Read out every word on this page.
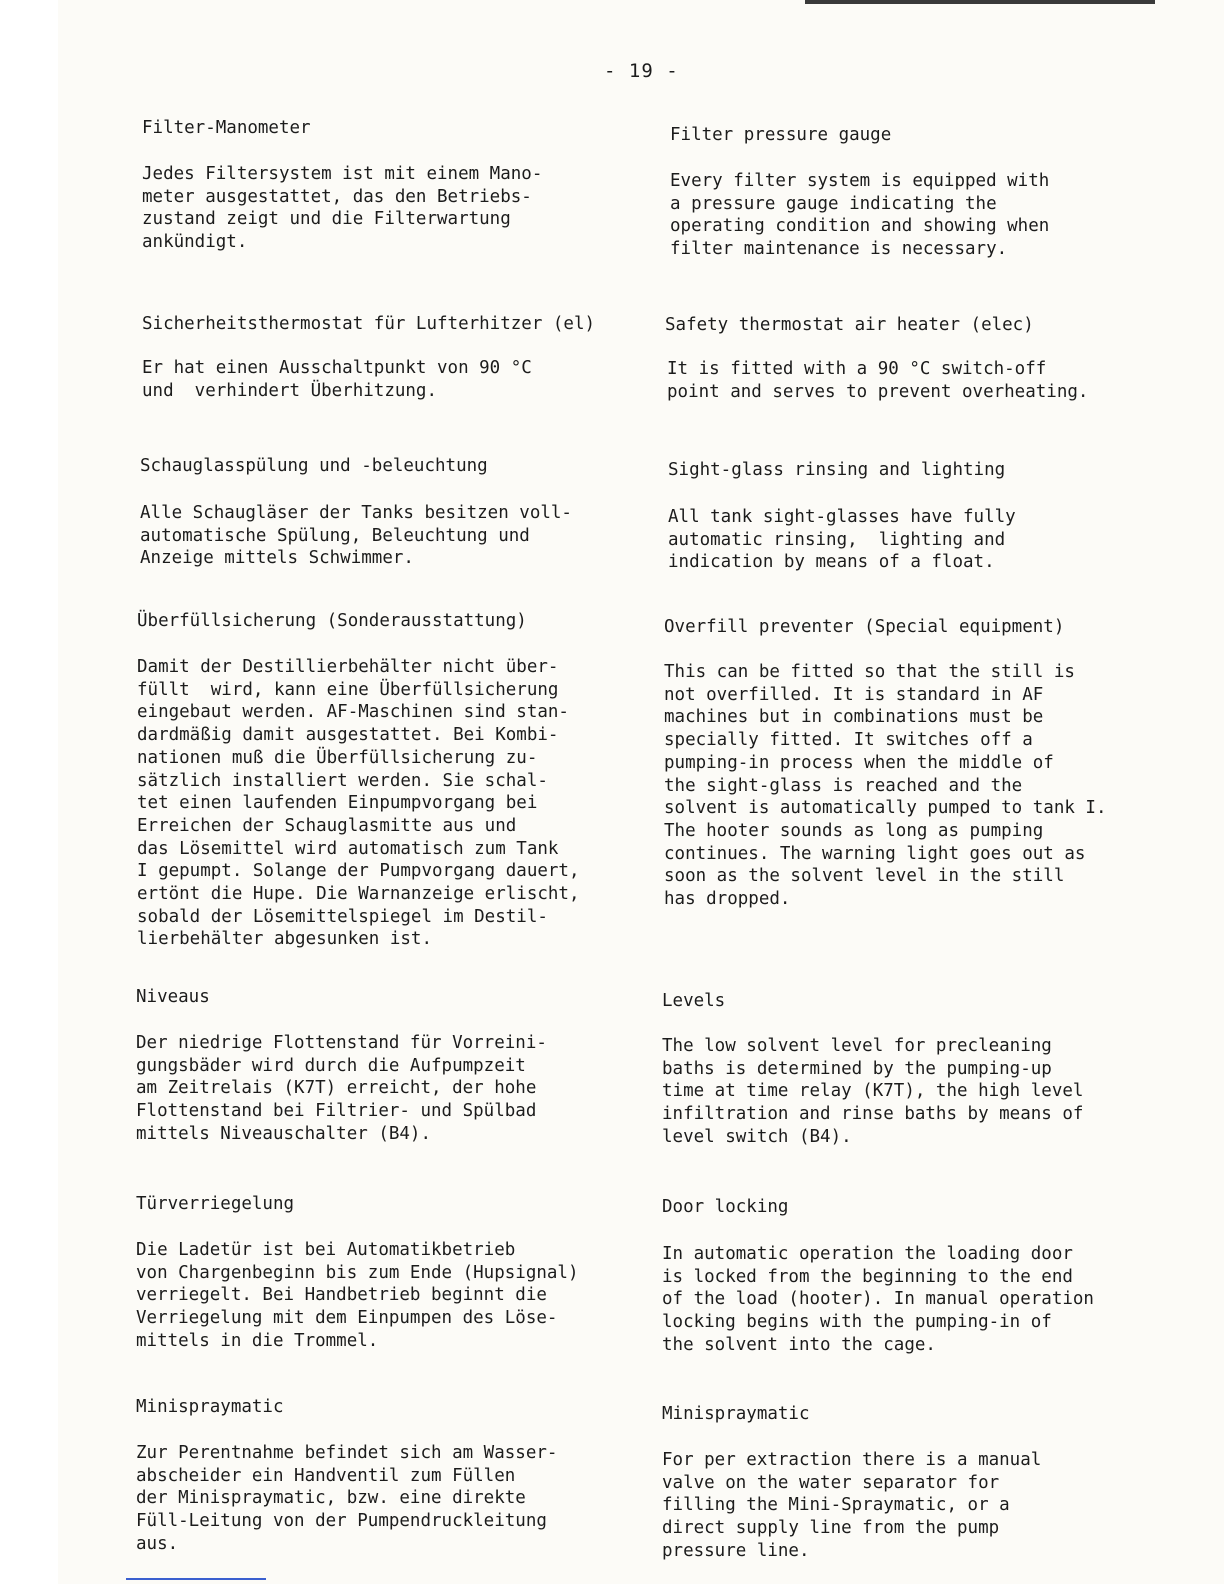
- 19 -
Filter-Manometer
Jedes Filtersystem ist mit einem Mano-
meter ausgestattet, das den Betriebs-
zustand zeigt und die Filterwartung
ankündigt.
Sicherheitsthermostat für Lufterhitzer (el)
Er hat einen Ausschaltpunkt von 90 °C
und  verhindert Überhitzung.
Schauglasspülung und -beleuchtung
Alle Schaugläser der Tanks besitzen voll-
automatische Spülung, Beleuchtung und
Anzeige mittels Schwimmer.
Überfüllsicherung (Sonderausstattung)
Damit der Destillierbehälter nicht über-
füllt  wird, kann eine Überfüllsicherung
eingebaut werden. AF-Maschinen sind stan-
dardmäßig damit ausgestattet. Bei Kombi-
nationen muß die Überfüllsicherung zu-
sätzlich installiert werden. Sie schal-
tet einen laufenden Einpumpvorgang bei
Erreichen der Schauglasmitte aus und
das Lösemittel wird automatisch zum Tank
I gepumpt. Solange der Pumpvorgang dauert,
ertönt die Hupe. Die Warnanzeige erlischt,
sobald der Lösemittelspiegel im Destil-
lierbehälter abgesunken ist.
Niveaus
Der niedrige Flottenstand für Vorreini-
gungsbäder wird durch die Aufpumpzeit
am Zeitrelais (K7T) erreicht, der hohe
Flottenstand bei Filtrier- und Spülbad
mittels Niveauschalter (B4).
Türverriegelung
Die Ladetür ist bei Automatikbetrieb
von Chargenbeginn bis zum Ende (Hupsignal)
verriegelt. Bei Handbetrieb beginnt die
Verriegelung mit dem Einpumpen des Löse-
mittels in die Trommel.
Minispraymatic
Zur Perentnahme befindet sich am Wasser-
abscheider ein Handventil zum Füllen
der Minispraymatic, bzw. eine direkte
Füll-Leitung von der Pumpendruckleitung
aus.
Filter pressure gauge
Every filter system is equipped with
a pressure gauge indicating the
operating condition and showing when
filter maintenance is necessary.
Safety thermostat air heater (elec)
It is fitted with a 90 °C switch-off
point and serves to prevent overheating.
Sight-glass rinsing and lighting
All tank sight-glasses have fully
automatic rinsing,  lighting and
indication by means of a float.
Overfill preventer (Special equipment)
This can be fitted so that the still is
not overfilled. It is standard in AF
machines but in combinations must be
specially fitted. It switches off a
pumping-in process when the middle of
the sight-glass is reached and the
solvent is automatically pumped to tank I.
The hooter sounds as long as pumping
continues. The warning light goes out as
soon as the solvent level in the still
has dropped.
Levels
The low solvent level for precleaning
baths is determined by the pumping-up
time at time relay (K7T), the high level
infiltration and rinse baths by means of
level switch (B4).
Door locking
In automatic operation the loading door
is locked from the beginning to the end
of the load (hooter). In manual operation
locking begins with the pumping-in of
the solvent into the cage.
Minispraymatic
For per extraction there is a manual
valve on the water separator for
filling the Mini-Spraymatic, or a
direct supply line from the pump
pressure line.
